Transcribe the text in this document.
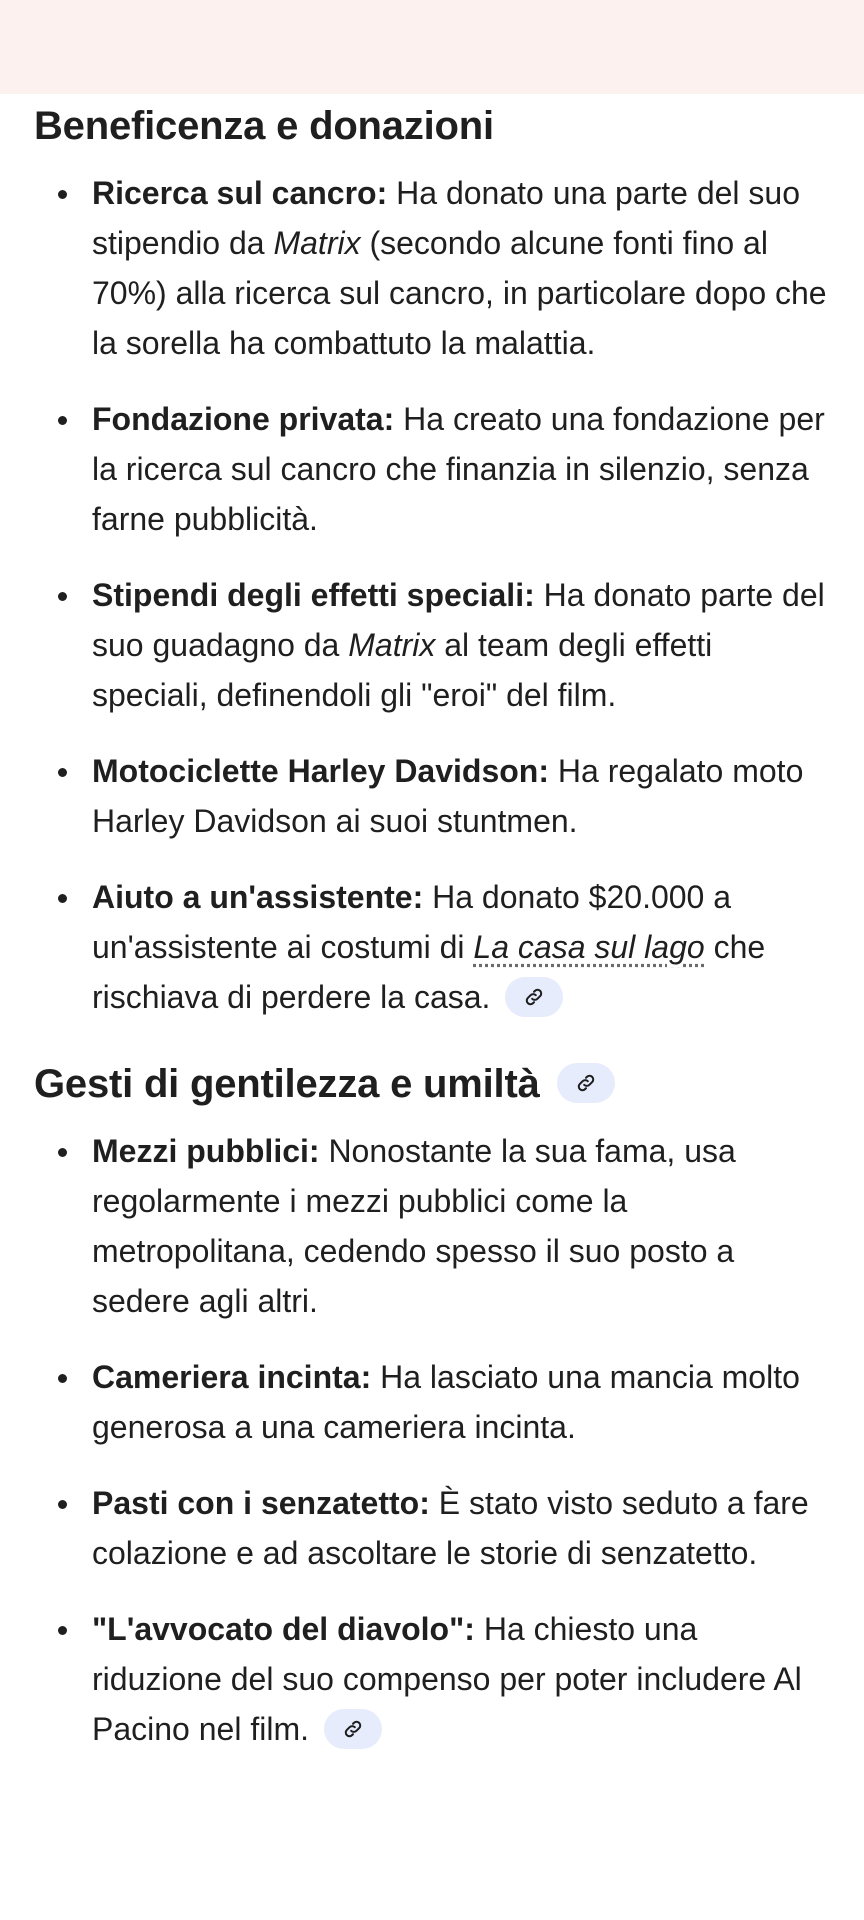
Beneficenza e donazioni
Ricerca sul cancro: Ha donato una parte del suo stipendio da Matrix (secondo alcune fonti fino al 70%) alla ricerca sul cancro, in particolare dopo che la sorella ha combattuto la malattia.
Fondazione privata: Ha creato una fondazione per la ricerca sul cancro che finanzia in silenzio, senza farne pubblicità.
Stipendi degli effetti speciali: Ha donato parte del suo guadagno da Matrix al team degli effetti speciali, definendoli gli "eroi" del film.
Motociclette Harley Davidson: Ha regalato moto Harley Davidson ai suoi stuntmen.
Aiuto a un'assistente: Ha donato $20.000 a un'assistente ai costumi di La casa sul lago che rischiava di perdere la casa.
Gesti di gentilezza e umiltà
Mezzi pubblici: Nonostante la sua fama, usa regolarmente i mezzi pubblici come la metropolitana, cedendo spesso il suo posto a sedere agli altri.
Cameriera incinta: Ha lasciato una mancia molto generosa a una cameriera incinta.
Pasti con i senzatetto: È stato visto seduto a fare colazione e ad ascoltare le storie di senzatetto.
"L'avvocato del diavolo": Ha chiesto una riduzione del suo compenso per poter includere Al Pacino nel film.
